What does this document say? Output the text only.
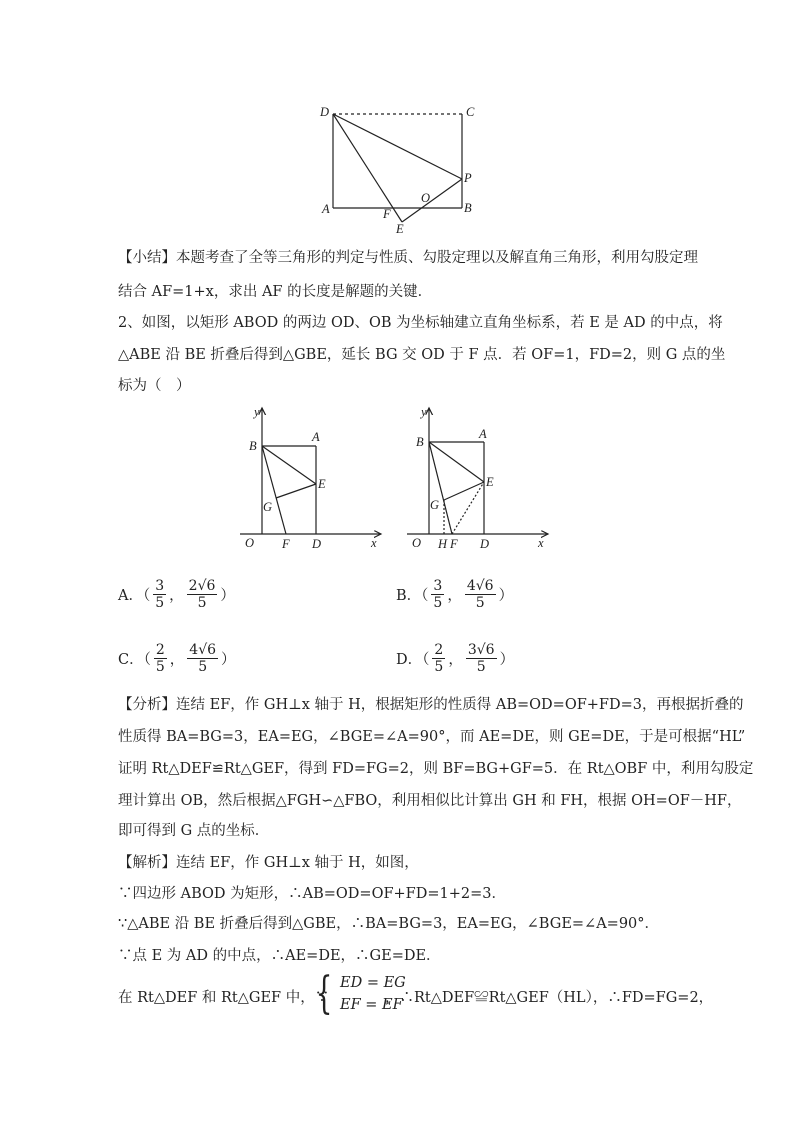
D	C
P
O
A	F	B
E
【小结】本题考查了全等三角形的判定与性质、勾股定理以及解直角三角形，利用勾股定理
结合 AF=1+x，求出 AF 的长度是解题的关键．
2、如图，以矩形 ABOD 的两边 OD、OB 为坐标轴建立直角坐标系，若 E 是 AD 的中点，将
△ABE 沿 BE 折叠后得到△GBE，延长 BG 交 OD 于 F 点．若 OF=1，FD=2，则 G 点的坐
标为（　）
y
B
A
E
G
O F D	x
y
B
A
E
G
O H F D	x
A．（ $\frac{3}{5}$ ， $\frac{2√6}{5}$ ）	B．（ $\frac{3}{5}$ ， $\frac{4√6}{5}$ ）
C．（ $\frac{2}{5}$ ， $\frac{4√6}{5}$ ）	D．（ $\frac{2}{5}$ ， $\frac{3√6}{5}$ ）
【分析】连结 EF，作 GH⊥x 轴于 H，根据矩形的性质得 AB=OD=OF+FD=3，再根据折叠的
性质得 BA=BG=3，EA=EG，∠BGE=∠A=90°，而 AE=DE，则 GE=DE，于是可根据“HL”
证明 Rt△DEF≌Rt△GEF，得到 FD=FG=2，则 BF=BG+GF=5．在 Rt△OBF 中，利用勾股定
理计算出 OB，然后根据△FGH∽△FBO，利用相似比计算出 GH 和 FH，根据 OH=OF－HF，
即可得到 G 点的坐标．
【解析】连结 EF，作 GH⊥x 轴于 H，如图，
∵四边形 ABOD 为矩形，∴AB=OD=OF+FD=1+2=3．
∵△ABE 沿 BE 折叠后得到△GBE，∴BA=BG=3，EA=EG，∠BGE=∠A=90°．
∵点 E 为 AD 的中点，∴AE=DE，∴GE=DE．
在 Rt△DEF 和 Rt△GEF 中，∵
{ ED = EG
EF = EF
，∴Rt△DEF≌Rt△GEF（HL），∴FD=FG=2，
